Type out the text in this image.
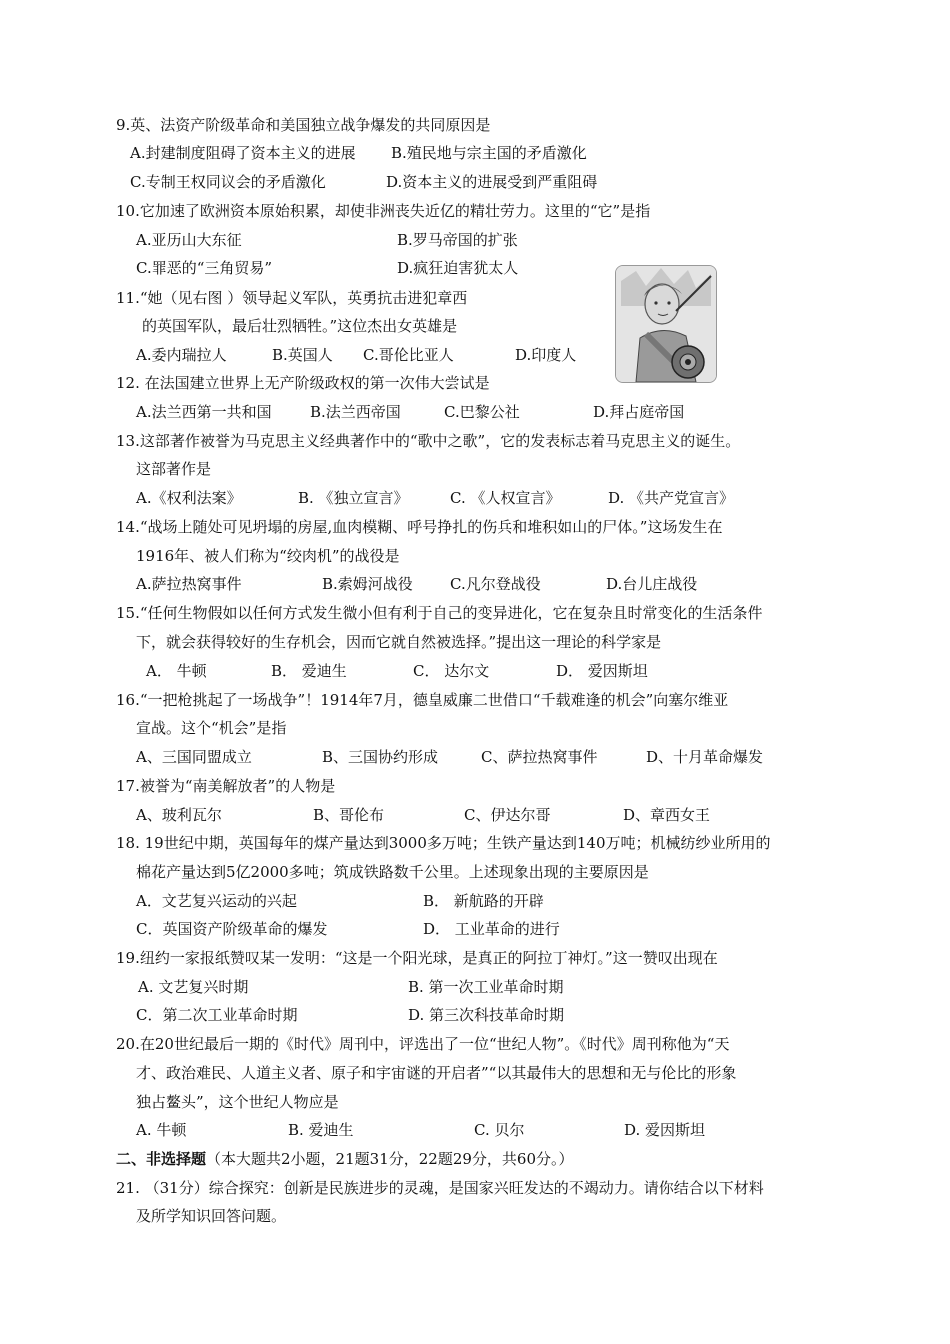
9.英、法资产阶级革命和美国独立战争爆发的共同原因是
A.封建制度阻碍了资本主义的进展 B.殖民地与宗主国的矛盾激化
C.专制王权同议会的矛盾激化	D.资本主义的进展受到严重阻碍
10.它加速了欧洲资本原始积累，却使非洲丧失近亿的精壮劳力。这里的“它”是指
A.亚历山大东征	B.罗马帝国的扩张
C.罪恶的“三角贸易”	D.疯狂迫害犹太人
11.“她（见右图 ）领导起义军队，英勇抗击进犯章西
的英国军队，最后壮烈牺牲。”这位杰出女英雄是
A.委内瑞拉人	B.英国人 C.哥伦比亚人	D.印度人
12. 在法国建立世界上无产阶级政权的第一次伟大尝试是
A.法兰西第一共和国	B.法兰西帝国	C.巴黎公社	D.拜占庭帝国
13.这部著作被誉为马克思主义经典著作中的“歌中之歌”，它的发表标志着马克思主义的诞生。
这部著作是
A.《权利法案》	B. 《独立宣言》	C. 《人权宣言》	D. 《共产党宣言》
14.“战场上随处可见坍塌的房屋,血肉模糊、呼号挣扎的伤兵和堆积如山的尸体。”这场发生在
1916年、被人们称为“绞肉机”的战役是
A.萨拉热窝事件	B.索姆河战役 C.凡尔登战役	D.台儿庄战役
15.“任何生物假如以任何方式发生微小但有利于自己的变异进化，它在复杂且时常变化的生活条件
下，就会获得较好的生存机会，因而它就自然被选择。”提出这一理论的科学家是
A． 牛顿	B． 爱迪生	C． 达尔文	D． 爱因斯坦
16.“一把枪挑起了一场战争”！1914年7月，德皇威廉二世借口“千载难逢的机会”向塞尔维亚
宣战。这个“机会”是指
A、三国同盟成立	B、三国协约形成	C、萨拉热窝事件	D、十月革命爆发
17.被誉为“南美解放者”的人物是
A、玻利瓦尔	B、哥伦布	C、伊达尔哥	D、章西女王
18. 19世纪中期，英国每年的煤产量达到3000多万吨；生铁产量达到140万吨；机械纺纱业所用的
棉花产量达到5亿2000多吨；筑成铁路数千公里。上述现象出现的主要原因是
A．文艺复兴运动的兴起	B． 新航路的开辟
C．英国资产阶级革命的爆发	D． 工业革命的进行
19.纽约一家报纸赞叹某一发明：“这是一个阳光球，是真正的阿拉丁神灯。”这一赞叹出现在
A. 文艺复兴时期	B. 第一次工业革命时期
C．第二次工业革命时期	D. 第三次科技革命时期
20.在20世纪最后一期的《时代》周刊中，评选出了一位“世纪人物”。《时代》周刊称他为“天
才、政治难民、人道主义者、原子和宇宙谜的开启者”“以其最伟大的思想和无与伦比的形象
独占鳌头”，这个世纪人物应是
A. 牛顿	B. 爱迪生	C. 贝尔	D. 爱因斯坦
二、非选择题（本大题共2小题，21题31分，22题29分，共60分。）
21. （31分）综合探究：创新是民族进步的灵魂，是国家兴旺发达的不竭动力。请你结合以下材料
及所学知识回答问题。
